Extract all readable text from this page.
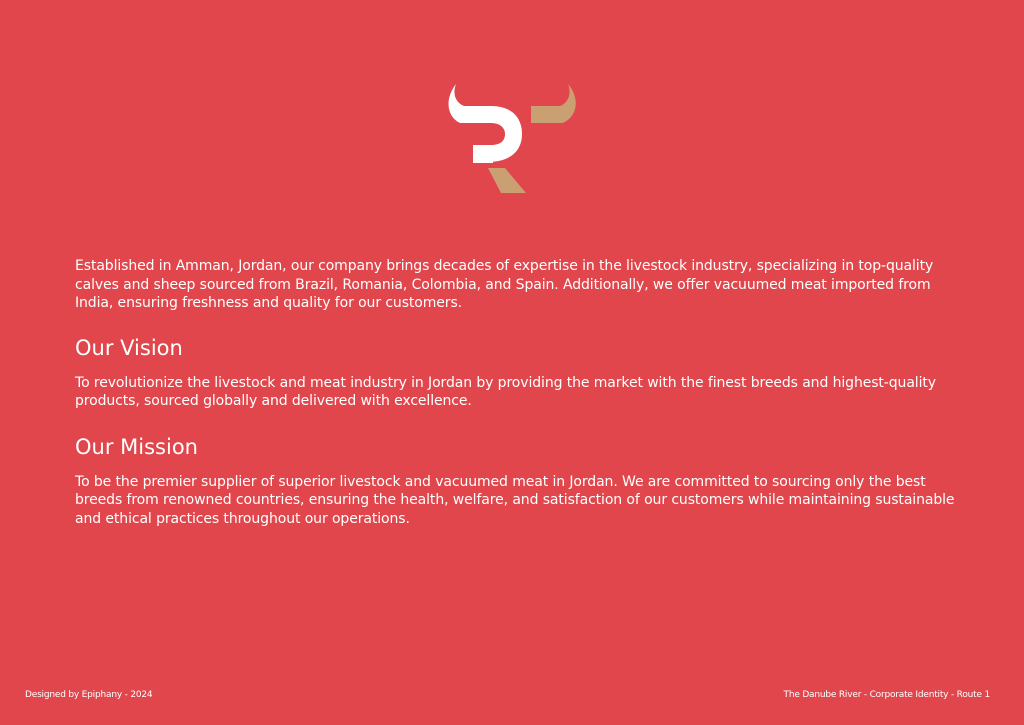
Established in Amman, Jordan, our company brings decades of expertise in the livestock industry, specializing in top-quality calves and sheep sourced from Brazil, Romania, Colombia, and Spain. Additionally, we offer vacuumed meat imported from India, ensuring freshness and quality for our customers.

Our Vision

To revolutionize the livestock and meat industry in Jordan by providing the market with the finest breeds and highest-quality products, sourced globally and delivered with excellence.

Our Mission

To be the premier supplier of superior livestock and vacuumed meat in Jordan. We are committed to sourcing only the best breeds from renowned countries, ensuring the health, welfare, and satisfaction of our customers while maintaining sustainable and ethical practices throughout our operations.

Designed by Epiphany - 2024	The Danube River - Corporate Identity - Route 1
